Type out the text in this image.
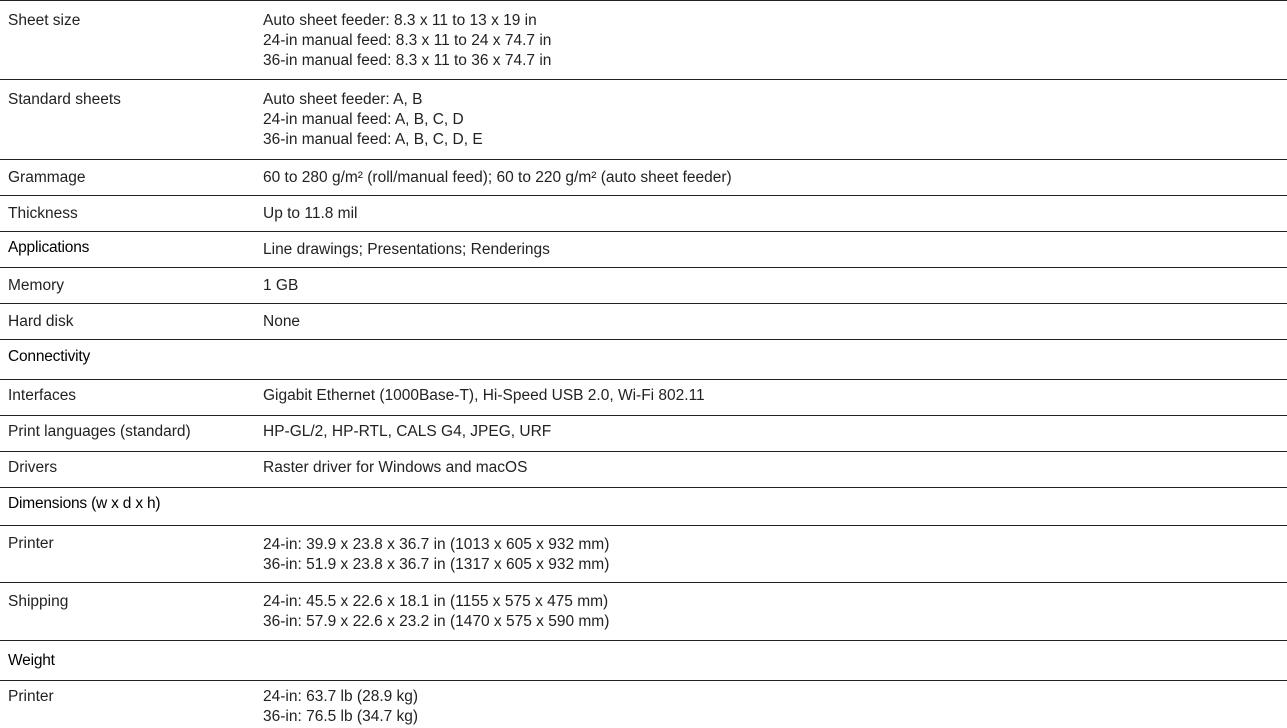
Sheet size	Auto sheet feeder: 8.3 x 11 to 13 x 19 in
24-in manual feed: 8.3 x 11 to 24 x 74.7 in
36-in manual feed: 8.3 x 11 to 36 x 74.7 in
Standard sheets	Auto sheet feeder: A, B
24-in manual feed: A, B, C, D
36-in manual feed: A, B, C, D, E
Grammage	60 to 280 g/m² (roll/manual feed); 60 to 220 g/m² (auto sheet feeder)
Thickness	Up to 11.8 mil
Applications	Line drawings; Presentations; Renderings
Memory	1 GB
Hard disk	None
Connectivity
Interfaces	Gigabit Ethernet (1000Base-T), Hi-Speed USB 2.0, Wi-Fi 802.11
Print languages (standard)	HP-GL/2, HP-RTL, CALS G4, JPEG, URF
Drivers	Raster driver for Windows and macOS
Dimensions (w x d x h)
Printer	24-in: 39.9 x 23.8 x 36.7 in (1013 x 605 x 932 mm)
36-in: 51.9 x 23.8 x 36.7 in (1317 x 605 x 932 mm)
Shipping	24-in: 45.5 x 22.6 x 18.1 in (1155 x 575 x 475 mm)
36-in: 57.9 x 22.6 x 23.2 in (1470 x 575 x 590 mm)
Weight
Printer	24-in: 63.7 lb (28.9 kg)
36-in: 76.5 lb (34.7 kg)
